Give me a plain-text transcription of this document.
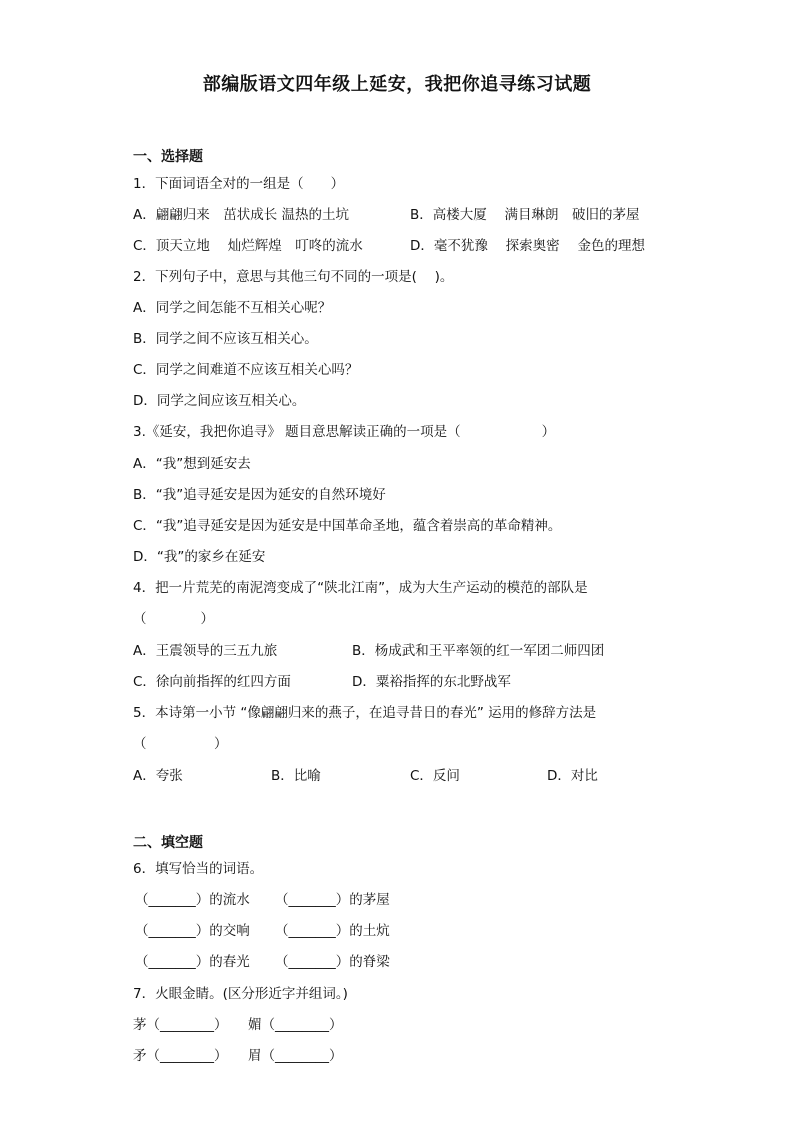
部编版语文四年级上延安，我把你追寻练习试题
一、选择题
1．下面词语全对的一组是（　　）
A．翩翩归来　茁状成长 温热的土坑	B．高楼大厦　 满目琳朗　破旧的茅屋
C．顶天立地　 灿烂辉煌　叮咚的流水	D．毫不犹豫　 探索奥密　 金色的理想
2．下列句子中，意思与其他三句不同的一项是(　 )。
A．同学之间怎能不互相关心呢？
B．同学之间不应该互相关心。
C．同学之间难道不应该互相关心吗？
D．同学之间应该互相关心。
3.《延安，我把你追寻》 题目意思解读正确的一项是（　　　　　　）
A．“我”想到延安去
B．“我”追寻延安是因为延安的自然环境好
C．“我”追寻延安是因为延安是中国革命圣地，蕴含着崇高的革命精神。
D．“我”的家乡在延安
4．把一片荒芜的南泥湾变成了“陕北江南”，成为大生产运动的模范的部队是
（　　　　）
A．王震领导的三五九旅	B．杨成武和王平率领的红一军团二师四团
C．徐向前指挥的红四方面	D．粟裕指挥的东北野战军
5．本诗第一小节 “像翩翩归来的燕子，在追寻昔日的春光” 运用的修辞方法是
（　　　　　）
A．夸张	B．比喻	C．反问	D．对比
二、填空题
6．填写恰当的词语。
（_______）的流水 （_______）的茅屋
（_______）的交响 （_______）的土炕
（_______）的春光 （_______）的脊梁
7．火眼金睛。(区分形近字并组词。)
茅（________） 媚（________）
矛（________） 眉（________）
